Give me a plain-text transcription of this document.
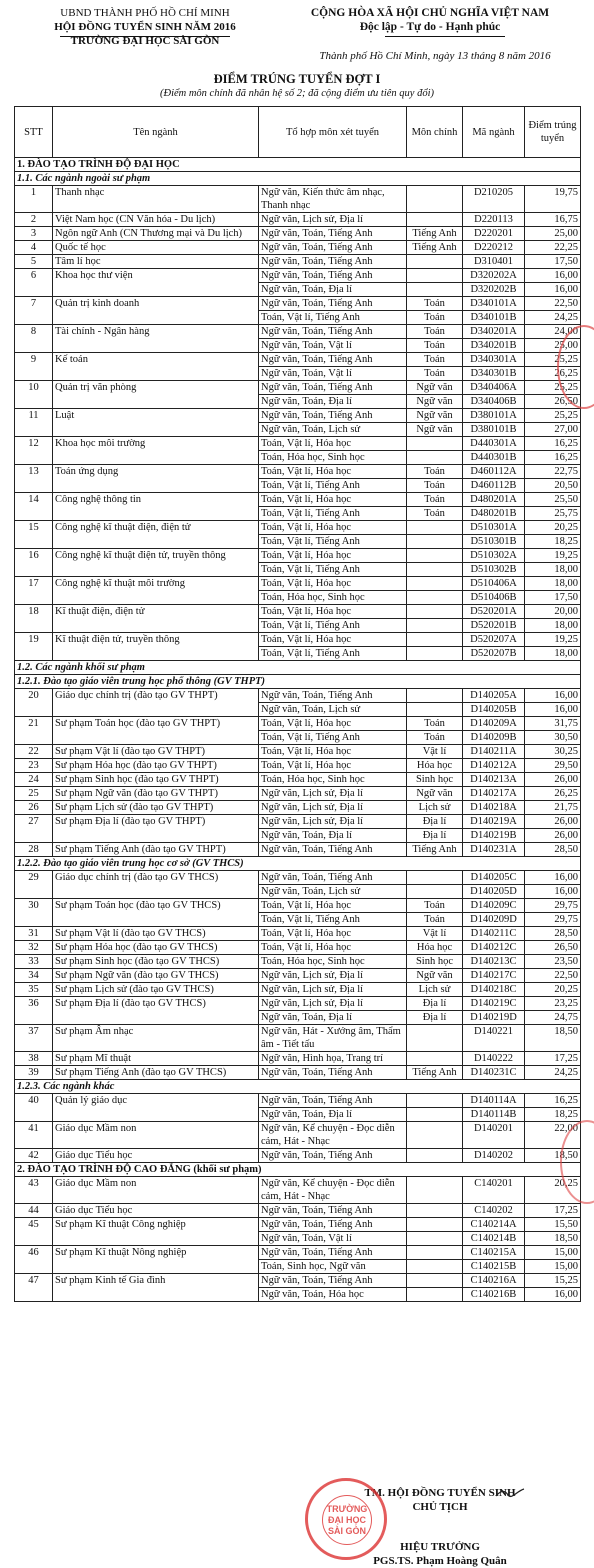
UBND THÀNH PHỐ HỒ CHÍ MINH
HỘI ĐỒNG TUYỂN SINH NĂM 2016
TRƯỜNG ĐẠI HỌC SÀI GÒN
CỘNG HÒA XÃ HỘI CHỦ NGHĨA VIỆT NAM
Độc lập - Tự do - Hạnh phúc
Thành phố Hồ Chí Minh, ngày 13 tháng 8 năm 2016
ĐIỂM TRÚNG TUYỂN ĐỢT I
(Điểm môn chính đã nhân hệ số 2; đã cộng điểm ưu tiên quy đổi)
STT	Tên ngành	Tổ hợp môn xét tuyển	Môn chính	Mã ngành	Điểm trúng tuyển
1. ĐÀO TẠO TRÌNH ĐỘ ĐẠI HỌC					
1.1. Các ngành ngoài sư phạm					
1	Thanh nhạc	Ngữ văn, Kiến thức âm nhạc, Thanh nhạc		D210205	19,75
2	Việt Nam học (CN Văn hóa - Du lịch)	Ngữ văn, Lịch sử, Địa lí		D220113	16,75
3	Ngôn ngữ Anh (CN Thương mại và Du lịch)	Ngữ văn, Toán, Tiếng Anh	Tiếng Anh	D220201	25,00
4	Quốc tế học	Ngữ văn, Toán, Tiếng Anh	Tiếng Anh	D220212	22,25
5	Tâm lí học	Ngữ văn, Toán, Tiếng Anh		D310401	17,50
6	Khoa học thư viện	Ngữ văn, Toán, Tiếng Anh		D320202A	16,00
		Ngữ văn, Toán, Địa lí		D320202B	16,00
7	Quản trị kinh doanh	Ngữ văn, Toán, Tiếng Anh	Toán	D340101A	22,50
		Toán, Vật lí, Tiếng Anh	Toán	D340101B	24,25
8	Tài chính - Ngân hàng	Ngữ văn, Toán, Tiếng Anh	Toán	D340201A	24,00
		Ngữ văn, Toán, Vật lí	Toán	D340201B	25,00
9	Kế toán	Ngữ văn, Toán, Tiếng Anh	Toán	D340301A	25,25
		Ngữ văn, Toán, Vật lí	Toán	D340301B	26,25
10	Quản trị văn phòng	Ngữ văn, Toán, Tiếng Anh	Ngữ văn	D340406A	25,25
		Ngữ văn, Toán, Địa lí	Ngữ văn	D340406B	26,50
11	Luật	Ngữ văn, Toán, Tiếng Anh	Ngữ văn	D380101A	25,25
		Ngữ văn, Toán, Lịch sử	Ngữ văn	D380101B	27,00
12	Khoa học môi trường	Toán, Vật lí, Hóa học		D440301A	16,25
		Toán, Hóa học, Sinh học		D440301B	16,25
13	Toán ứng dụng	Toán, Vật lí, Hóa học	Toán	D460112A	22,75
		Toán, Vật lí, Tiếng Anh	Toán	D460112B	20,50
14	Công nghệ thông tin	Toán, Vật lí, Hóa học	Toán	D480201A	25,50
		Toán, Vật lí, Tiếng Anh	Toán	D480201B	25,75
15	Công nghệ kĩ thuật điện, điện tử	Toán, Vật lí, Hóa học		D510301A	20,25
		Toán, Vật lí, Tiếng Anh		D510301B	18,25
16	Công nghệ kĩ thuật điện tử, truyền thông	Toán, Vật lí, Hóa học		D510302A	19,25
		Toán, Vật lí, Tiếng Anh		D510302B	18,00
17	Công nghệ kĩ thuật môi trường	Toán, Vật lí, Hóa học		D510406A	18,00
		Toán, Hóa học, Sinh học		D510406B	17,50
18	Kĩ thuật điện, điện tử	Toán, Vật lí, Hóa học		D520201A	20,00
		Toán, Vật lí, Tiếng Anh		D520201B	18,00
19	Kĩ thuật điện tử, truyền thông	Toán, Vật lí, Hóa học		D520207A	19,25
		Toán, Vật lí, Tiếng Anh		D520207B	18,00
1.2. Các ngành khối sư phạm					
1.2.1. Đào tạo giáo viên trung học phổ thông (GV THPT)					
20	Giáo dục chính trị (đào tạo GV THPT)	Ngữ văn, Toán, Tiếng Anh		D140205A	16,00
		Ngữ văn, Toán, Lịch sử		D140205B	16,00
21	Sư phạm Toán học (đào tạo GV THPT)	Toán, Vật lí, Hóa học	Toán	D140209A	31,75
		Toán, Vật lí, Tiếng Anh	Toán	D140209B	30,50
22	Sư phạm Vật lí (đào tạo GV THPT)	Toán, Vật lí, Hóa học	Vật lí	D140211A	30,25
23	Sư phạm Hóa học (đào tạo GV THPT)	Toán, Vật lí, Hóa học	Hóa học	D140212A	29,50
24	Sư phạm Sinh học (đào tạo GV THPT)	Toán, Hóa học, Sinh học	Sinh học	D140213A	26,00
25	Sư phạm Ngữ văn (đào tạo GV THPT)	Ngữ văn, Lịch sử, Địa lí	Ngữ văn	D140217A	26,25
26	Sư phạm Lịch sử (đào tạo GV THPT)	Ngữ văn, Lịch sử, Địa lí	Lịch sử	D140218A	21,75
27	Sư phạm Địa lí (đào tạo GV THPT)	Ngữ văn, Lịch sử, Địa lí	Địa lí	D140219A	26,00
		Ngữ văn, Toán, Địa lí	Địa lí	D140219B	26,00
28	Sư phạm Tiếng Anh (đào tạo GV THPT)	Ngữ văn, Toán, Tiếng Anh	Tiếng Anh	D140231A	28,50
1.2.2. Đào tạo giáo viên trung học cơ sở (GV THCS)					
29	Giáo dục chính trị (đào tạo GV THCS)	Ngữ văn, Toán, Tiếng Anh		D140205C	16,00
		Ngữ văn, Toán, Lịch sử		D140205D	16,00
30	Sư phạm Toán học (đào tạo GV THCS)	Toán, Vật lí, Hóa học	Toán	D140209C	29,75
		Toán, Vật lí, Tiếng Anh	Toán	D140209D	29,75
31	Sư phạm Vật lí (đào tạo GV THCS)	Toán, Vật lí, Hóa học	Vật lí	D140211C	28,50
32	Sư phạm Hóa học (đào tạo GV THCS)	Toán, Vật lí, Hóa học	Hóa học	D140212C	26,50
33	Sư phạm Sinh học (đào tạo GV THCS)	Toán, Hóa học, Sinh học	Sinh học	D140213C	23,50
34	Sư phạm Ngữ văn (đào tạo GV THCS)	Ngữ văn, Lịch sử, Địa lí	Ngữ văn	D140217C	22,50
35	Sư phạm Lịch sử (đào tạo GV THCS)	Ngữ văn, Lịch sử, Địa lí	Lịch sử	D140218C	20,25
36	Sư phạm Địa lí (đào tạo GV THCS)	Ngữ văn, Lịch sử, Địa lí	Địa lí	D140219C	23,25
		Ngữ văn, Toán, Địa lí	Địa lí	D140219D	24,75
37	Sư phạm Âm nhạc	Ngữ văn, Hát - Xướng âm, Thẩm âm - Tiết tấu		D140221	18,50
38	Sư phạm Mĩ thuật	Ngữ văn, Hình họa, Trang trí		D140222	17,25
39	Sư phạm Tiếng Anh (đào tạo GV THCS)	Ngữ văn, Toán, Tiếng Anh	Tiếng Anh	D140231C	24,25
1.2.3. Các ngành khác					
40	Quản lý giáo dục	Ngữ văn, Toán, Tiếng Anh		D140114A	16,25
		Ngữ văn, Toán, Địa lí		D140114B	18,25
41	Giáo dục Mầm non	Ngữ văn, Kể chuyện - Đọc diễn cảm, Hát - Nhạc		D140201	22,00
42	Giáo dục Tiểu học	Ngữ văn, Toán, Tiếng Anh		D140202	18,50
2. ĐÀO TẠO TRÌNH ĐỘ CAO ĐẲNG (khối sư phạm)					
43	Giáo dục Mầm non	Ngữ văn, Kể chuyện - Đọc diễn cảm, Hát - Nhạc		C140201	20,25
44	Giáo dục Tiểu học	Ngữ văn, Toán, Tiếng Anh		C140202	17,25
45	Sư phạm Kĩ thuật Công nghiệp	Ngữ văn, Toán, Tiếng Anh		C140214A	15,50
		Ngữ văn, Toán, Vật lí		C140214B	18,50
46	Sư phạm Kĩ thuật Nông nghiệp	Ngữ văn, Toán, Tiếng Anh		C140215A	15,00
		Toán, Sinh học, Ngữ văn		C140215B	15,00
47	Sư phạm Kinh tế Gia đình	Ngữ văn, Toán, Tiếng Anh		C140216A	15,25
		Ngữ văn, Toán, Hóa học		C140216B	16,00
TM. HỘI ĐỒNG TUYỂN SINH
CHỦ TỊCH
TRƯỜNG ĐẠI HỌC SÀI GÒN
HIỆU TRƯỞNG
PGS.TS. Phạm Hoàng Quân
